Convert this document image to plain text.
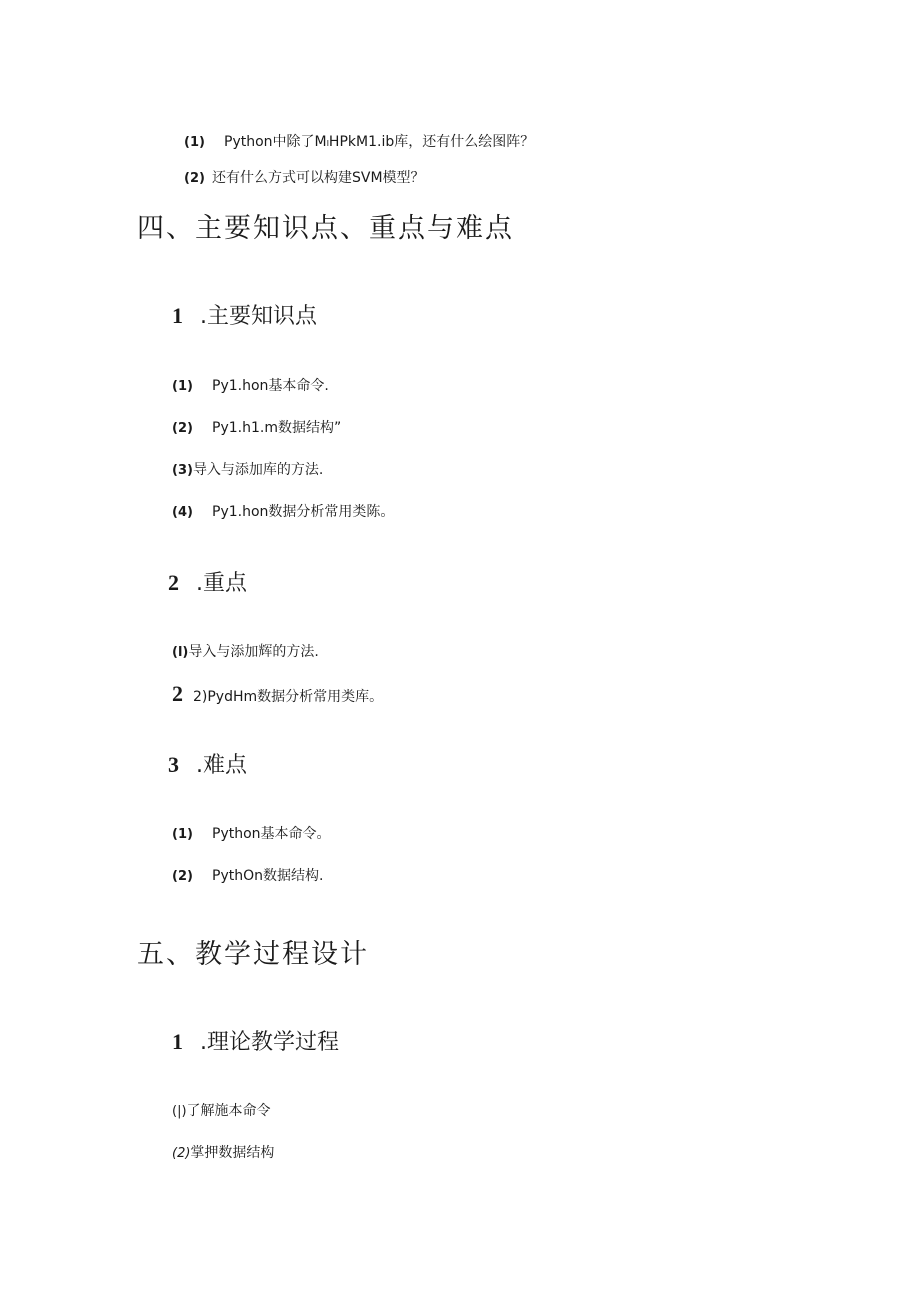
(1) Python中除了MₗHPkM1.ib库，还有什么绘图阵？
(2) 还有什么方式可以构建SVM模型？
四、主要知识点、重点与难点
1 .主要知识点
(1) Py1.hon基本命令.
(2) Py1.h1.m数据结构”
(3)导入与添加库的方法.
(4) Py1.hon数据分析常用类陈。
2 .重点
(l)导入与添加辉的方法.
2 2)PydHm数据分析常用类库。
3 .难点
(1) Python基本命令。
(2) PythOn数据结构.
五、教学过程设计
1 .理论教学过程
(|)了解施本命令
(2)掌押数据结构
